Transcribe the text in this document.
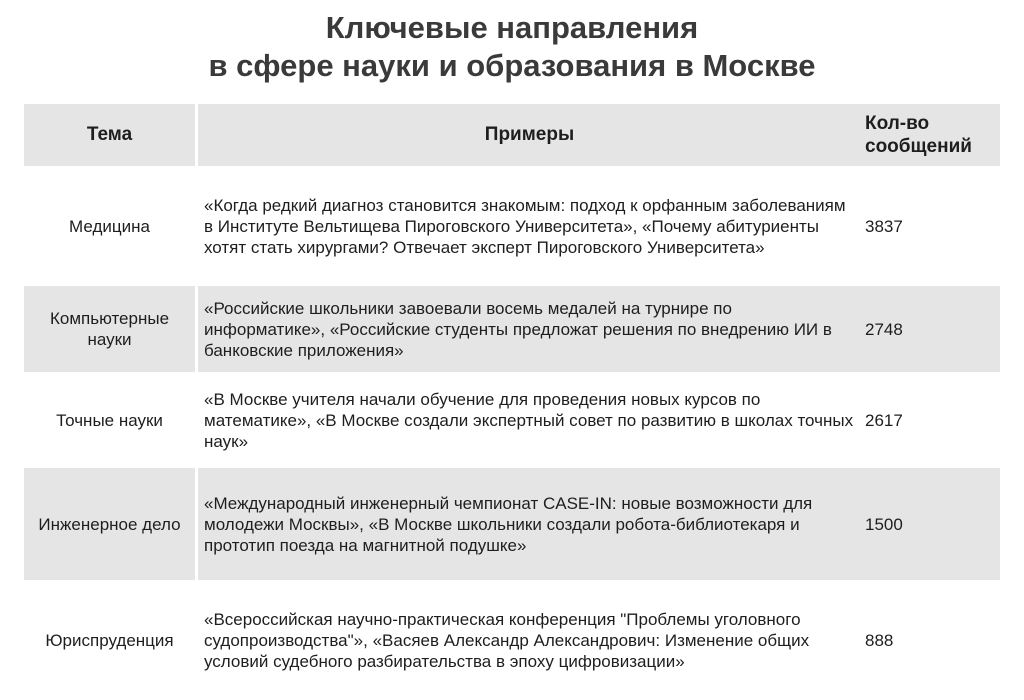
Ключевые направления
в сфере науки и образования в Москве
Тема	Примеры	Кол-во
сообщений

Медицина	«Когда редкий диагноз становится знакомым: подход к орфанным заболеваниям в Институте Вельтищева Пироговского Университета», «Почему абитуриенты хотят стать хирургами? Отвечает эксперт Пироговского Университета»	3837
Компьютерные науки	«Российские школьники завоевали восемь медалей на турнире по информатике», «Российские студенты предложат решения по внедрению ИИ в банковские приложения»	2748
Точные науки	«В Москве учителя начали обучение для проведения новых курсов по математике», «В Москве создали экспертный совет по развитию в школах точных наук»	2617
Инженерное дело	«Международный инженерный чемпионат CASE-IN: новые возможности для молодежи Москвы», «В Москве школьники создали робота-библиотекаря и прототип поезда на магнитной подушке»	1500
Юриспруденция	«Всероссийская научно-практическая конференция "Проблемы уголовного судопроизводства"», «Васяев Александр Александрович: Изменение общих условий судебного разбирательства в эпоху цифровизации»	888
